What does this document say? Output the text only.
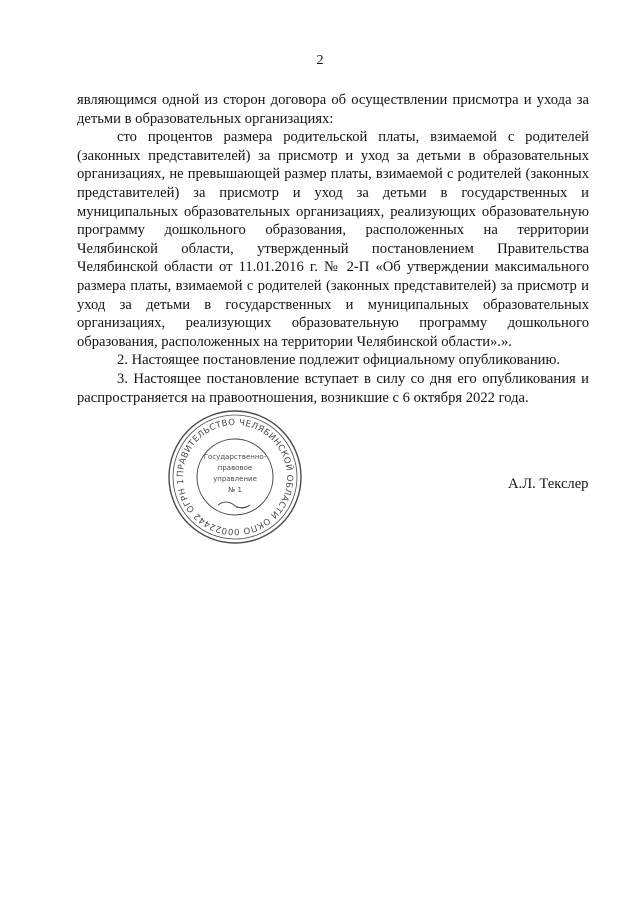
2

являющимся одной из сторон договора об осуществлении присмотра и ухода за детьми в образовательных организациях:

сто процентов размера родительской платы, взимаемой с родителей (законных представителей) за присмотр и уход за детьми в образовательных организациях, не превышающей размер платы, взимаемой с родителей (законных представителей) за присмотр и уход за детьми в государственных и муниципальных образовательных организациях, реализующих образовательную программу дошкольного образования, расположенных на территории Челябинской области, утвержденный постановлением Правительства Челябинской области от 11.01.2016 г. № 2-П «Об утверждении максимального размера платы, взимаемой с родителей (законных представителей) за присмотр и уход за детьми в государственных и муниципальных образовательных организациях, реализующих образовательную программу дошкольного образования, расположенных на территории Челябинской области».».

2. Настоящее постановление подлежит официальному опубликованию.

3. Настоящее постановление вступает в силу со дня его опубликования и распространяется на правоотношения, возникшие с 6 октября 2022 года.

ПРАВИТЕЛЬСТВО ЧЕЛЯБИНСКОЙ ОБЛАСТИ ОКПО 00022442 ОГРН 1
Государственно-
правовое
управление
№ 1	А.Л. Текслер
